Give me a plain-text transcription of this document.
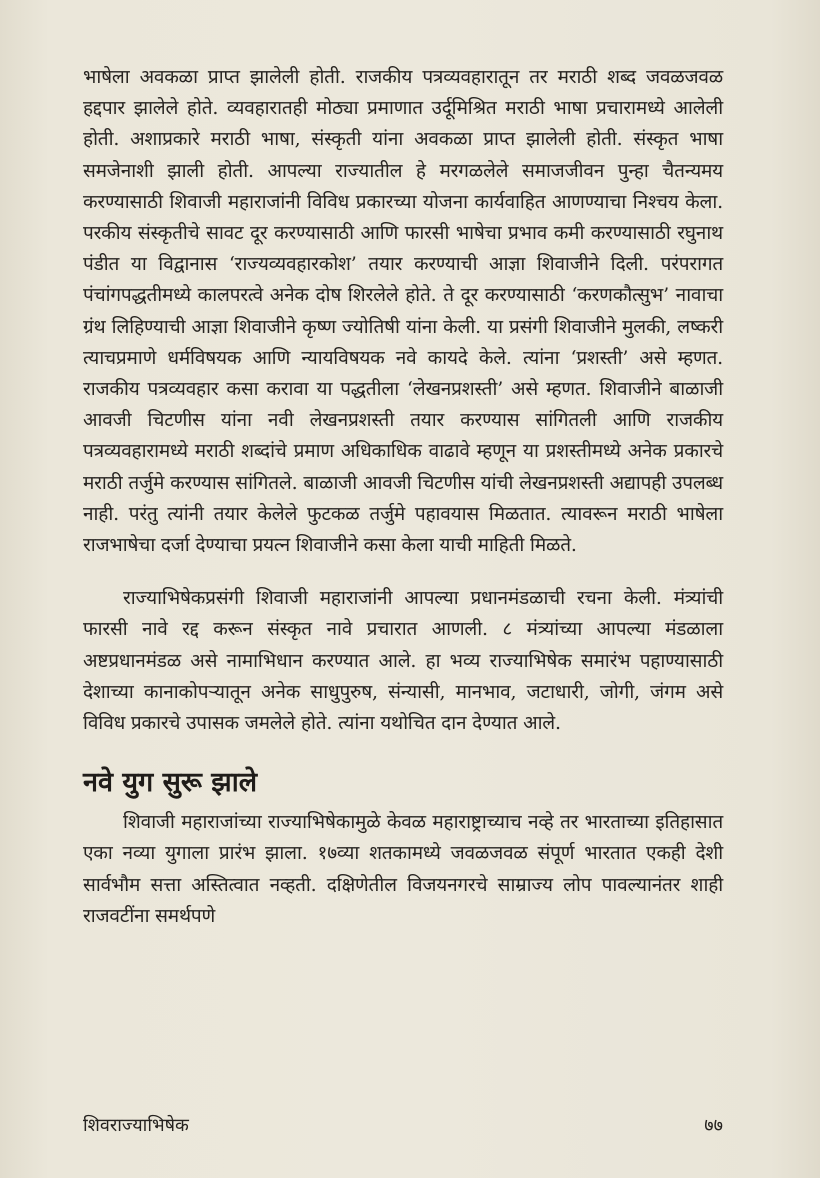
भाषेला अवकळा प्राप्त झालेली होती. राजकीय पत्रव्यवहारातून तर मराठी शब्द जवळजवळ हद्दपार झालेले होते. व्यवहारातही मोठ्या प्रमाणात उर्दूमिश्रित मराठी भाषा प्रचारामध्ये आलेली होती. अशाप्रकारे मराठी भाषा, संस्कृती यांना अवकळा प्राप्त झालेली होती. संस्कृत भाषा समजेनाशी झाली होती. आपल्या राज्यातील हे मरगळलेले समाजजीवन पुन्हा चैतन्यमय करण्यासाठी शिवाजी महाराजांनी विविध प्रकारच्या योजना कार्यवाहित आणण्याचा निश्चय केला. परकीय संस्कृतीचे सावट दूर करण्यासाठी आणि फारसी भाषेचा प्रभाव कमी करण्यासाठी रघुनाथ पंडीत या विद्वानास ‘राज्यव्यवहारकोश’ तयार करण्याची आज्ञा शिवाजीने दिली. परंपरागत पंचांगपद्धतीमध्ये कालपरत्वे अनेक दोष शिरलेले होते. ते दूर करण्यासाठी ‘करणकौत्सुभ’ नावाचा ग्रंथ लिहिण्याची आज्ञा शिवाजीने कृष्ण ज्योतिषी यांना केली. या प्रसंगी शिवाजीने मुलकी, लष्करी त्याचप्रमाणे धर्मविषयक आणि न्यायविषयक नवे कायदे केले. त्यांना ‘प्रशस्ती’ असे म्हणत. राजकीय पत्रव्यवहार कसा करावा या पद्धतीला ‘लेखनप्रशस्ती’ असे म्हणत. शिवाजीने बाळाजी आवजी चिटणीस यांना नवी लेखनप्रशस्ती तयार करण्यास सांगितली आणि राजकीय पत्रव्यवहारामध्ये मराठी शब्दांचे प्रमाण अधिकाधिक वाढावे म्हणून या प्रशस्तीमध्ये अनेक प्रकारचे मराठी तर्जुमे करण्यास सांगितले. बाळाजी आवजी चिटणीस यांची लेखनप्रशस्ती अद्यापही उपलब्ध नाही. परंतु त्यांनी तयार केलेले फुटकळ तर्जुमे पहावयास मिळतात. त्यावरून मराठी भाषेला राजभाषेचा दर्जा देण्याचा प्रयत्न शिवाजीने कसा केला याची माहिती मिळते.

राज्याभिषेकप्रसंगी शिवाजी महाराजांनी आपल्या प्रधानमंडळाची रचना केली. मंत्र्यांची फारसी नावे रद्द करून संस्कृत नावे प्रचारात आणली. ८ मंत्र्यांच्या आपल्या मंडळाला अष्टप्रधानमंडळ असे नामाभिधान करण्यात आले. हा भव्य राज्याभिषेक समारंभ पहाण्यासाठी देशाच्या कानाकोपऱ्यातून अनेक साधुपुरुष, संन्यासी, मानभाव, जटाधारी, जोगी, जंगम असे विविध प्रकारचे उपासक जमलेले होते. त्यांना यथोचित दान देण्यात आले.

नवे युग सुरू झाले

शिवाजी महाराजांच्या राज्याभिषेकामुळे केवळ महाराष्ट्राच्याच नव्हे तर भारताच्या इतिहासात एका नव्या युगाला प्रारंभ झाला. १७व्या शतकामध्ये जवळजवळ संपूर्ण भारतात एकही देशी सार्वभौम सत्ता अस्तित्वात नव्हती. दक्षिणेतील विजयनगरचे साम्राज्य लोप पावल्यानंतर शाही राजवटींना समर्थपणे

शिवराज्याभिषेक	७७
